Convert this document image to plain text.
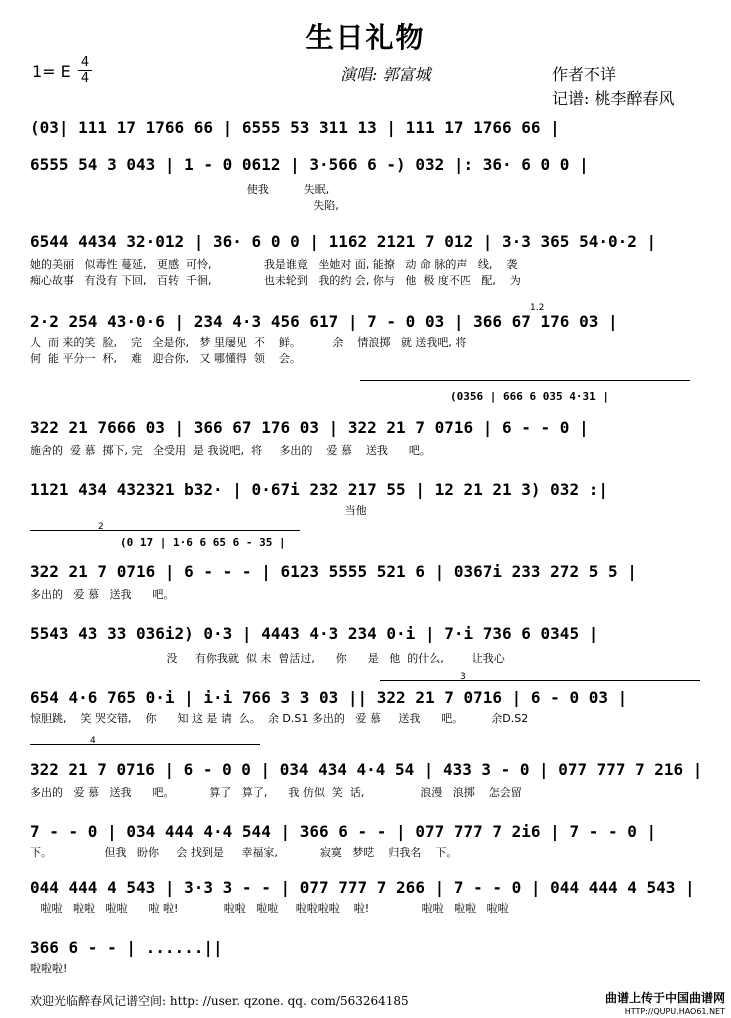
生日礼物
1= E 4
4	演唱: 郭富城	作者不详
记谱: 桃李醉春风
(03| 111 17 1766 66 | 6555 53 311 13 | 111 17 1766 66 |
6555 54 3 043 | 1 - 0 0612 | 3·566 6 -) 032 |: 36· 6 0 0 |
使我          失眠,
失陷,
6544 4434 32·012 | 36· 6 0 0 | 1162 2121 7 012 | 3·3 365 54·0·2 |
她的美丽   似毒性 蔓延,   更感  可怜,               我是谁竟   坐她对 面, 能撩   动 命 脉的声   线,    袭
痴心故事   有没有 下回,   百转  千徊,               也未轮到   我的约 会, 你与   他  极 度不匹   配,    为
2·2 254 43·0·6 | 234 4·3 456 617 | 7 - 0 03 | 366 67 176 03 |
人  而 来的笑  脸,    完   全是你,   梦 里屡见  不    鲜。         余    情浪掷   就 送我吧, 将
何  能 平分一  杯,    难   迎合你,   又 哪懂得  领    会。
322 21 7666 03 | 366 67 176 03 | 322 21 7 0716 | 6 - - 0 |
施舍的  爱 慕  掷下, 完   全受用  是 我说吧,  将     多出的    爱 慕    送我      吧。
1121 434 432321 b32· | 0·67i 232 217 55 | 12 21 21 3) 032 :|
当他
322 21 7 0716 | 6 - - - | 6123 5555 521 6 | 0367i 233 272 5 5 |
多出的   爱 慕   送我      吧。
5543 43 33 036i2) 0·3 | 4443 4·3 234 0·i | 7·i 736 6 0345 |
没     有你我就  似 未  曾活过,      你      是   他  的什么,        让我心
654 4·6 765 0·i | i·i 766 3 3 03 || 322 21 7 0716 | 6 - 0 03 |
惊胆跳,    笑 哭交错,    你      知 这 是 请  么。  余 D.S1 多出的   爱 慕     送我      吧。        余D.S2
322 21 7 0716 | 6 - 0 0 | 034 434 4·4 54 | 433 3 - 0 | 077 777 7 216 |
多出的   爱 慕   送我      吧。          算了   算了,      我 仿似  笑  话,                浪漫   浪掷    怎会留
7 - - 0 | 034 444 4·4 544 | 366 6 - - | 077 777 7 2i6 | 7 - - 0 |
下。               但我   盼你     会 找到是     幸福家,            寂寞   梦呓    归我名    下。
044 444 4 543 | 3·3 3 - - | 077 777 7 266 | 7 - - 0 | 044 444 4 543 |
啦啦   啦啦   啦啦      啦 啦!             啦啦   啦啦     啦啦啦啦    啦!               啦啦   啦啦   啦啦
366 6 - - | ......||
啦啦啦!
1.2
(0356 | 666 6 035 4·31 |
2
(0 17 | 1·6 6 65 6 - 35 |
3
4
欢迎光临醉春风记谱空间: http: //user. qzone. qq. com/563264185	曲谱上传于中国曲谱网
HTTP://QUPU.HAO61.NET
